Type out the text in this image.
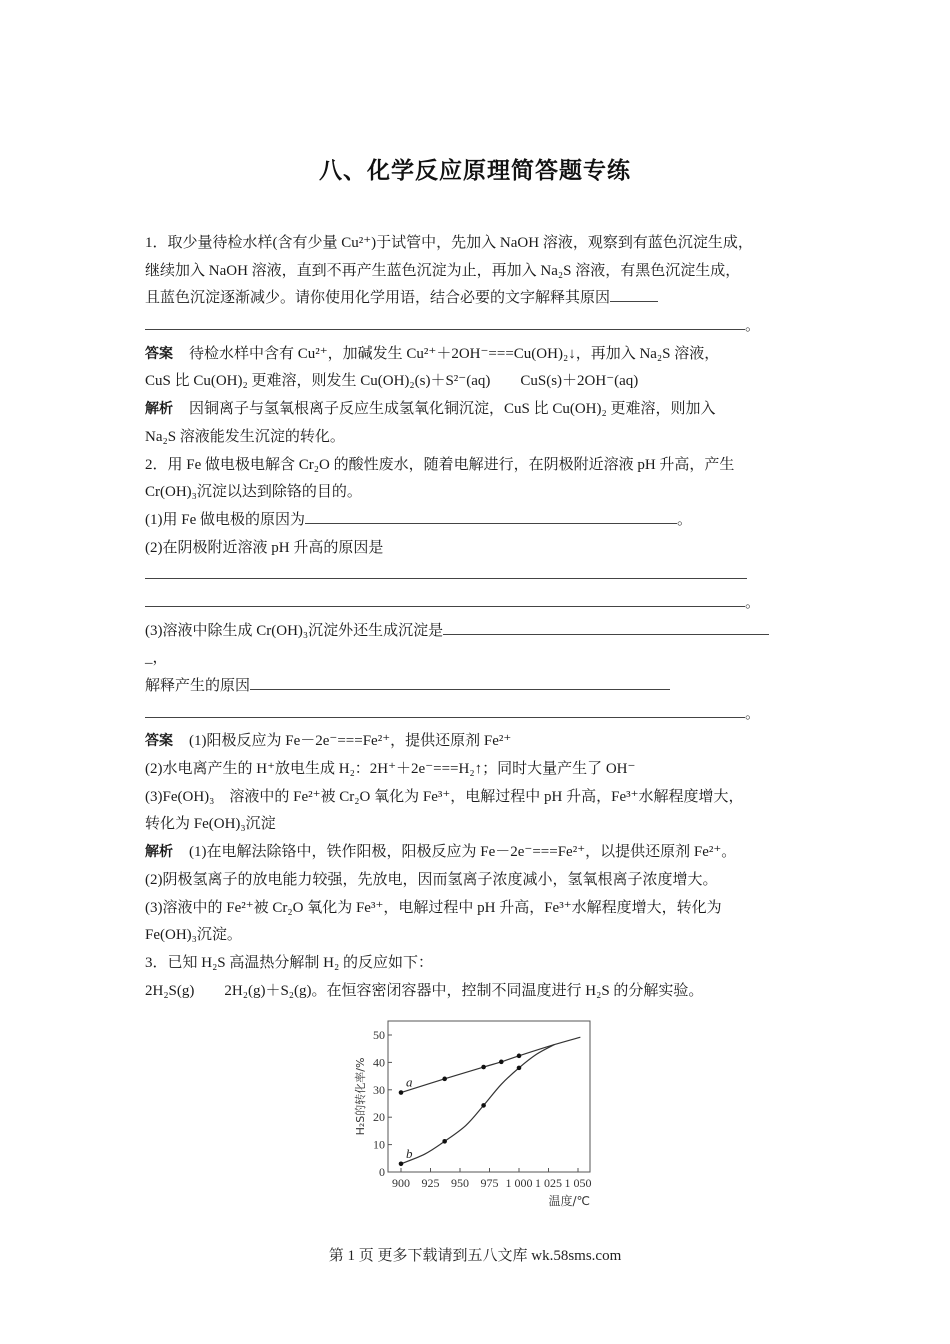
八、化学反应原理简答题专练
1．取少量待检水样(含有少量 Cu²⁺)于试管中，先加入 NaOH 溶液，观察到有蓝色沉淀生成，
继续加入 NaOH 溶液，直到不再产生蓝色沉淀为止，再加入 Na₂S 溶液，有黑色沉淀生成，
且蓝色沉淀逐渐减少。请你使用化学用语，结合必要的文字解释其原因
。
答案 待检水样中含有 Cu²⁺，加碱发生 Cu²⁺＋2OH⁻===Cu(OH)₂↓，再加入 Na₂S 溶液，
CuS 比 Cu(OH)₂ 更难溶，则发生 Cu(OH)₂(s)＋S²⁻(aq)　　CuS(s)＋2OH⁻(aq)
解析 因铜离子与氢氧根离子反应生成氢氧化铜沉淀，CuS 比 Cu(OH)₂ 更难溶，则加入
Na₂S 溶液能发生沉淀的转化。
2．用 Fe 做电极电解含 Cr₂O 的酸性废水，随着电解进行，在阴极附近溶液 pH 升高，产生
Cr(OH)₃沉淀以达到除铬的目的。
(1)用 Fe 做电极的原因为	。
(2)在阴极附近溶液 pH 升高的原因是
。
(3)溶液中除生成 Cr(OH)₃沉淀外还生成沉淀是
_，
解释产生的原因
。
答案 (1)阳极反应为 Fe－2e⁻===Fe²⁺，提供还原剂 Fe²⁺
(2)水电离产生的 H⁺放电生成 H₂：2H⁺＋2e⁻===H₂↑；同时大量产生了 OH⁻
(3)Fe(OH)₃　溶液中的 Fe²⁺被 Cr₂O 氧化为 Fe³⁺，电解过程中 pH 升高，Fe³⁺水解程度增大，
转化为 Fe(OH)₃沉淀
解析 (1)在电解法除铬中，铁作阳极，阳极反应为 Fe－2e⁻===Fe²⁺，以提供还原剂 Fe²⁺。
(2)阴极氢离子的放电能力较强，先放电，因而氢离子浓度减小，氢氧根离子浓度增大。
(3)溶液中的 Fe²⁺被 Cr₂O 氧化为 Fe³⁺，电解过程中 pH 升高，Fe³⁺水解程度增大，转化为
Fe(OH)₃沉淀。
3．已知 H₂S 高温热分解制 H₂ 的反应如下：
2H₂S(g)　　2H₂(g)＋S₂(g)。在恒容密闭容器中，控制不同温度进行 H₂S 的分解实验。
900 925 950 975 1 000 1 025 1 050
0
10
20
30
40
50
温度/℃
H₂S的转化率/%	a
b
第 1 页 更多下载请到五八文库 wk.58sms.com
